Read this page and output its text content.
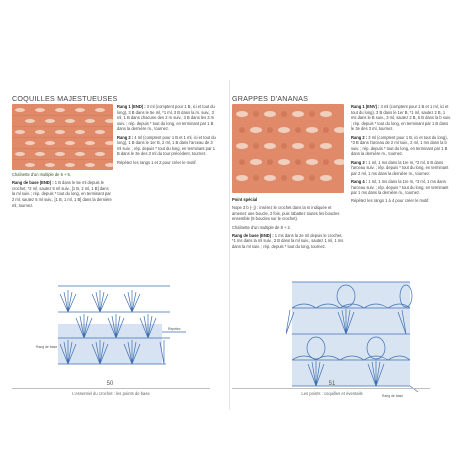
COQUILLES MAJESTUEUSES

Rang 1 (END) : 3 ml (comptent pour 1 B, ici et tout du long), 3 B dans le 5e ml, *1 ml, 3 B dans la m. suiv., 3 ml, 1 B dans chacune des 2 m suiv., 3 B dans les 3 m suiv. ; rép. depuis * tout du long, en terminant par 1 B dans la dernière m., tournez.

Rang 2 : 4 ml (comptent pour 1 B et 1 ml, ici et tout du long), 1 B dans le 1er B, 2 ml, 1 B dans l'arceau de 3 ml suiv. ; rép. depuis * tout du long, en terminant par 1 B dans le 3e des 3 ml du tour précédent, tournez.

Répétez les rangs 1 et 2 pour créer le motif.

Chaînette d'un multiple de 6 + 5.

Rang de base (END) : 1 B dans le 5e ml depuis le crochet, *2 ml, sautez 5 ml suiv., [1 B, 2 ml, 1 B] dans la ml suiv. ; rép. depuis * tout du long, en terminant par 2 ml, sautez 5 ml suiv., [1 B, 1 ml, 1 B] dans la dernière ml, tournez.

Répétez
Rang de base
50
L'essentiel du crochet : les points de base
GRAPPES D'ANANAS

Rang 1 (ENV) : 4 ml (comptent pour 1 B et 1 ml, ici et tout du long), 3 B dans le 1er B, *1 ml, sautez 2 B, 1 ms dans le B suiv., 3 ml, sautez 2 B, 5 B dans la b suiv. ; rép. depuis * tout du long, en terminant par 1 B dans le 3e des 3 ml, tournez.

Rang 2 : 3 ml (comptent pour 1 B, ici et tout du long), *3 B dans l'arceau de 2 ml suiv., 2 ml, 1 ms dans la b suiv. ; rép. depuis * tout du long, en terminant par 1 B dans la dernière m., tournez.

Rang 3 : 1 ml, 1 ms dans la 1re m, *2 ml, 5 B dans l'arceau suiv. ; rép. depuis * tout du long, en terminant par 2 ml, 1 ms dans la dernière m., tournez.

Rang 4 : 1 ml, 1 ms dans la 1re m, *3 ml, 1 ms dans l'arceau suiv. ; rép. depuis * tout du long, en terminant par 1 ms dans la dernière m., tournez.

Répétez les rangs 1 à 4 pour créer le motif.

Point spécial

Nope 3 b (- j) : insérez le crochet dans la m indiquée et amenez une boucle, 2 fois, puis rabattez toutes les boucles ensemble (5 boucles sur le crochet).

Chaînette d'un multiple de 8 + 2.

Rang de base (END) : 1 ms dans la 2e ml depuis le crochet, *1 ms dans la ml suiv., 3 B dans la ml suiv., sautez 1 ml, 1 ms dans la ml suiv. ; rép. depuis * tout du long, tournez.

Rang de base
51
Les points : coquilles et éventails
